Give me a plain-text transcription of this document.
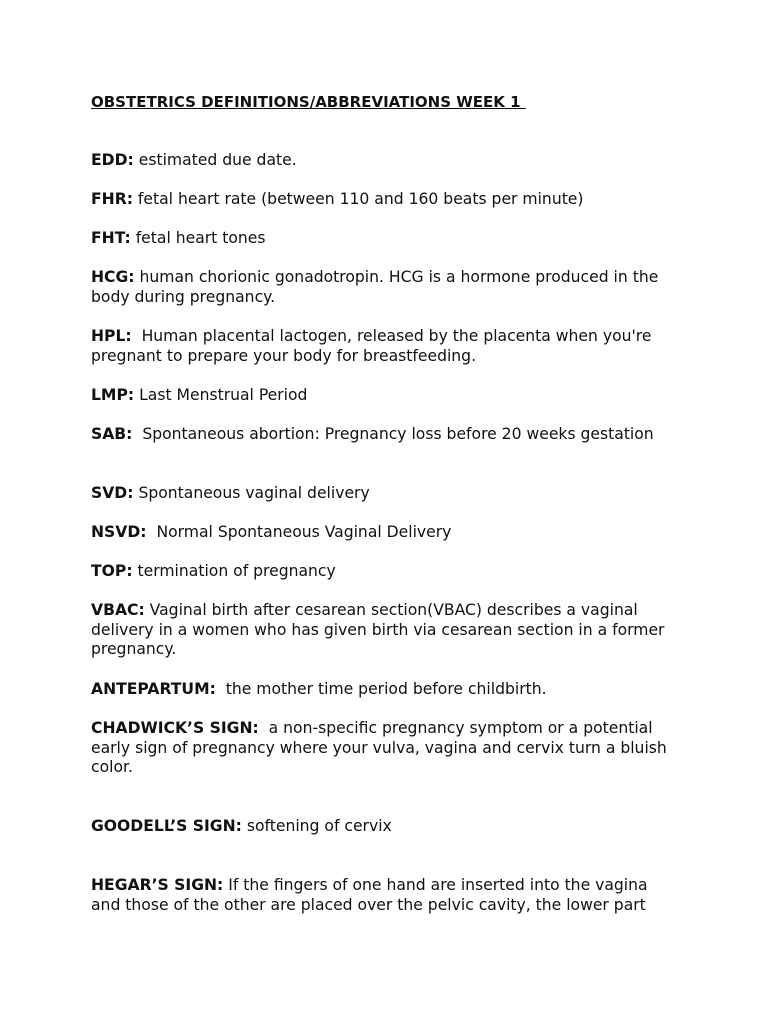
OBSTETRICS DEFINITIONS/ABBREVIATIONS WEEK 1
EDD: estimated due date.
FHR: fetal heart rate (between 110 and 160 beats per minute)
FHT: fetal heart tones
HCG: human chorionic gonadotropin. HCG is a hormone produced in the body during pregnancy.
HPL:  Human placental lactogen, released by the placenta when you're pregnant to prepare your body for breastfeeding.
LMP: Last Menstrual Period
SAB:  Spontaneous abortion: Pregnancy loss before 20 weeks gestation
SVD: Spontaneous vaginal delivery
NSVD:  Normal Spontaneous Vaginal Delivery
TOP: termination of pregnancy
VBAC: Vaginal birth after cesarean section(VBAC) describes a vaginal delivery in a women who has given birth via cesarean section in a former pregnancy.
ANTEPARTUM:  the mother time period before childbirth.
CHADWICK’S SIGN:  a non-specific pregnancy symptom or a potential early sign of pregnancy where your vulva, vagina and cervix turn a bluish color.
GOODELL’S SIGN: softening of cervix
HEGAR’S SIGN: If the fingers of one hand are inserted into the vagina and those of the other are placed over the pelvic cavity, the lower part
